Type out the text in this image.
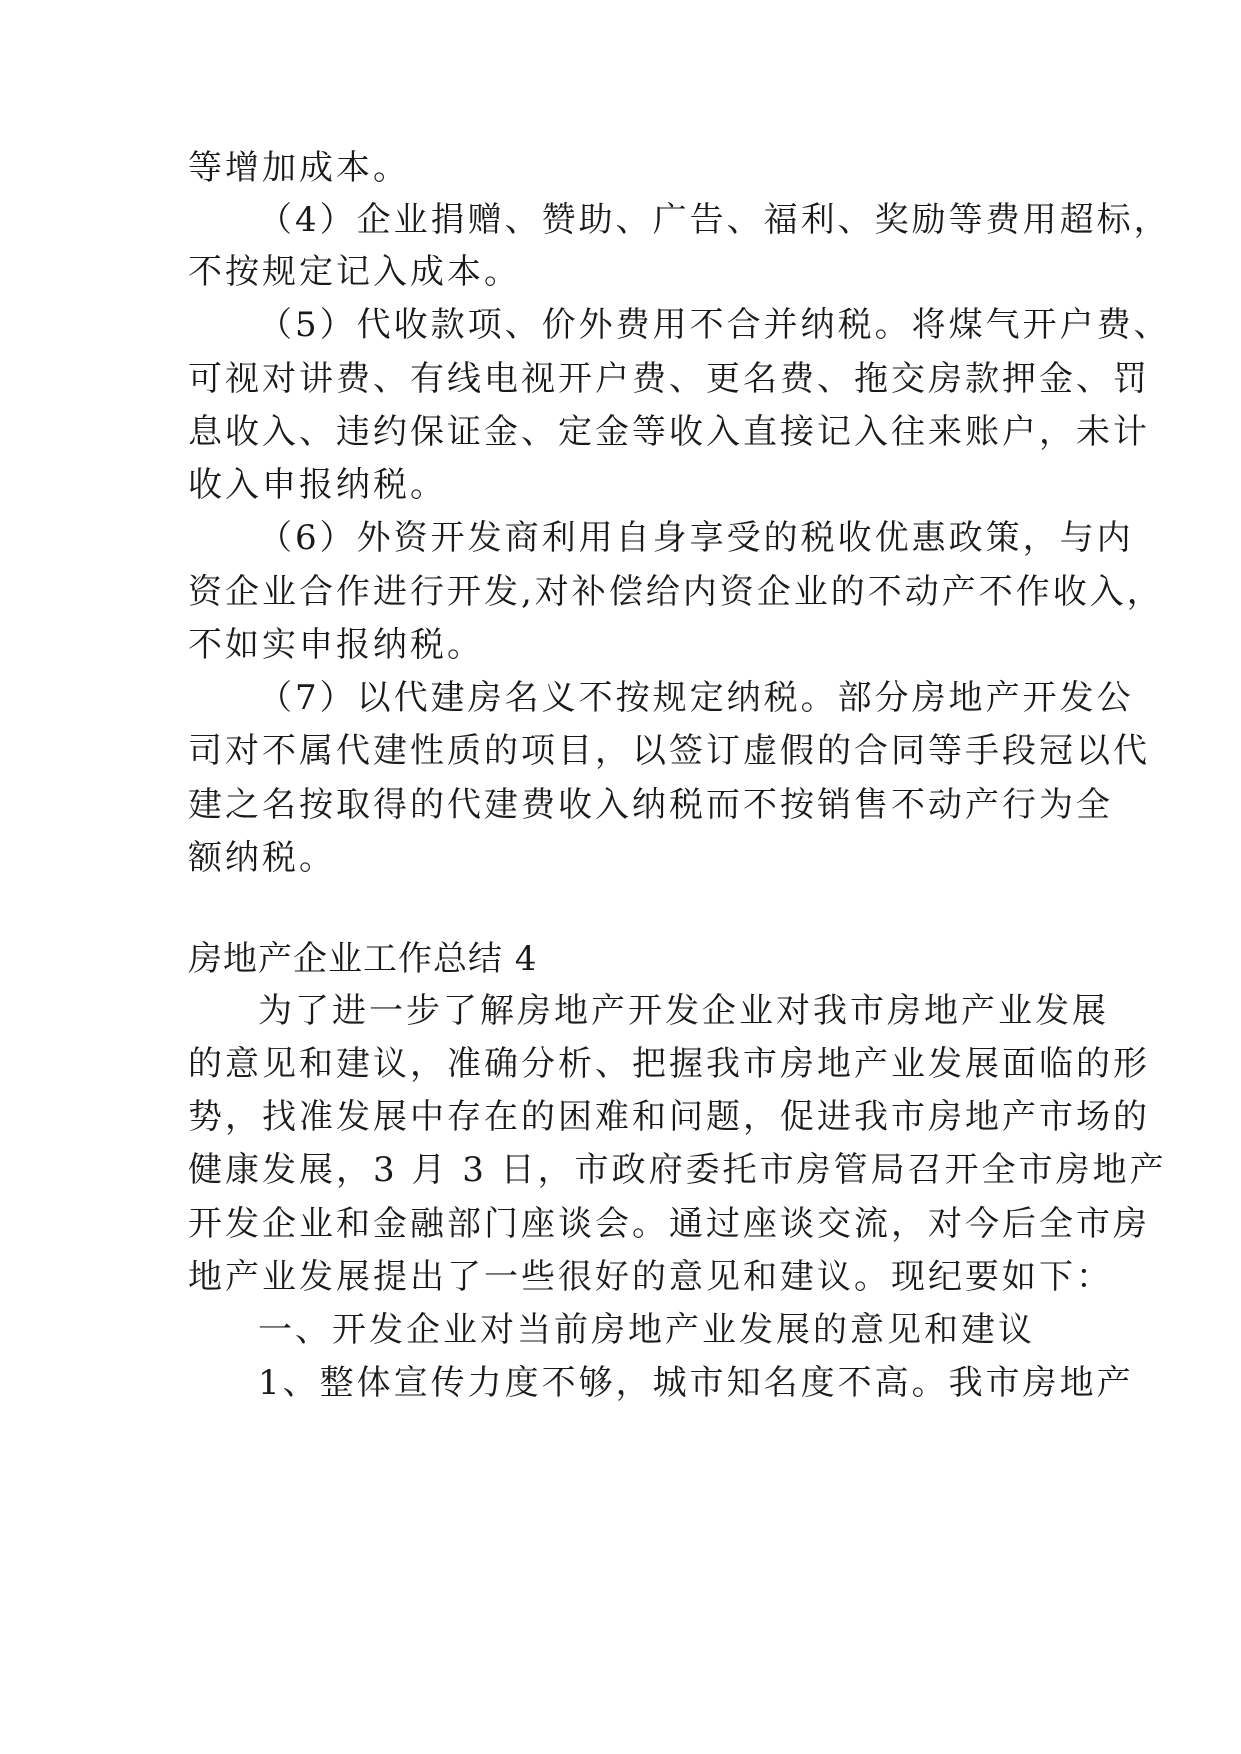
等增加成本。
（4）企业捐赠、赞助、广告、福利、奖励等费用超标，
不按规定记入成本。
（5）代收款项、价外费用不合并纳税。将煤气开户费、
可视对讲费、有线电视开户费、更名费、拖交房款押金、罚
息收入、违约保证金、定金等收入直接记入往来账户，未计
收入申报纳税。
（6）外资开发商利用自身享受的税收优惠政策，与内
资企业合作进行开发,对补偿给内资企业的不动产不作收入，
不如实申报纳税。
（7）以代建房名义不按规定纳税。部分房地产开发公
司对不属代建性质的项目，以签订虚假的合同等手段冠以代
建之名按取得的代建费收入纳税而不按销售不动产行为全
额纳税。
房地产企业工作总结 4
为了进一步了解房地产开发企业对我市房地产业发展
的意见和建议，准确分析、把握我市房地产业发展面临的形
势，找准发展中存在的困难和问题，促进我市房地产市场的
健康发展，3 月 3 日，市政府委托市房管局召开全市房地产
开发企业和金融部门座谈会。通过座谈交流，对今后全市房
地产业发展提出了一些很好的意见和建议。现纪要如下：
一、开发企业对当前房地产业发展的意见和建议
1、整体宣传力度不够，城市知名度不高。我市房地产
